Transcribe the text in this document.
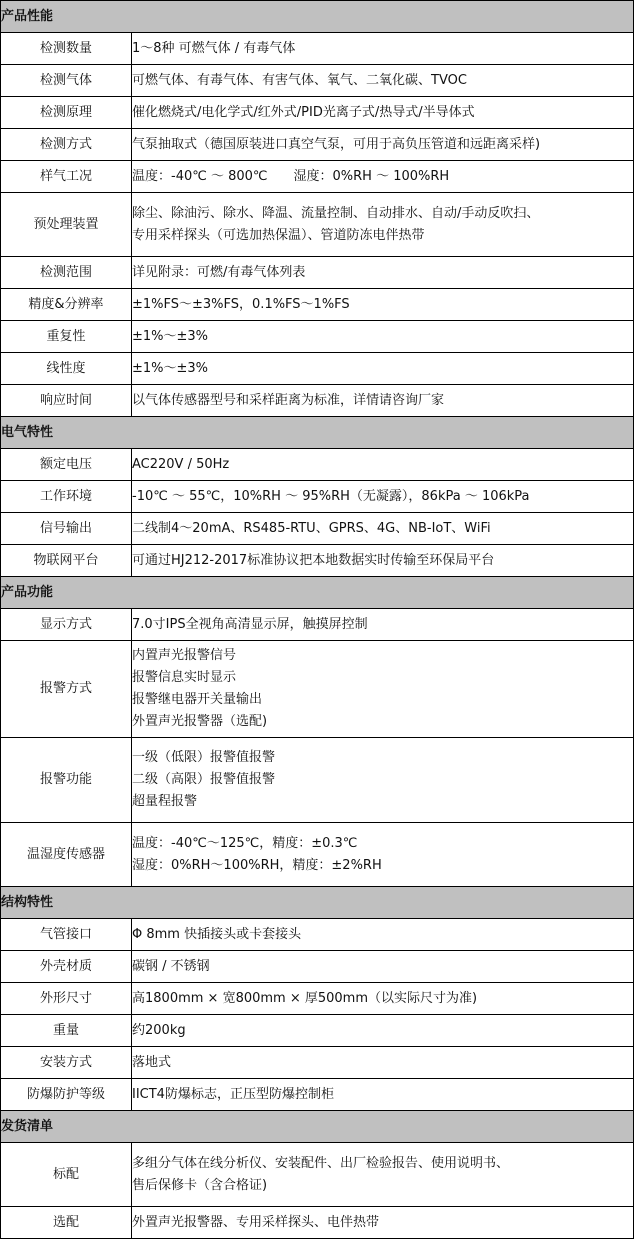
产品性能	
检测数量	1～8种 可燃气体 / 有毒气体

检测气体	可燃气体、有毒气体、有害气体、氧气、二氧化碳、TVOC

检测原理	催化燃烧式/电化学式/红外式/PID光离子式/热导式/半导体式

检测方式	气泵抽取式（德国原装进口真空气泵，可用于高负压管道和远距离采样)

样气工况	温度：-40℃ ～ 800℃　　湿度：0%RH ～ 100%RH

预处理装置	除尘、除油污、除水、降温、流量控制、自动排水、自动/手动反吹扫、
专用采样探头（可选加热保温）、管道防冻电伴热带

检测范围	详见附录：可燃/有毒气体列表

精度&分辨率	±1%FS～±3%FS，0.1%FS～1%FS

重复性	±1%～±3%

线性度	±1%～±3%

响应时间	以气体传感器型号和采样距离为标准，详情请咨询厂家

电气特性	
额定电压	AC220V / 50Hz

工作环境	-10℃ ～ 55℃，10%RH ～ 95%RH（无凝露），86kPa ～ 106kPa

信号输出	二线制4～20mA、RS485-RTU、GPRS、4G、NB-IoT、WiFi

物联网平台	可通过HJ212-2017标准协议把本地数据实时传输至环保局平台

产品功能	
显示方式	7.0寸IPS全视角高清显示屏，触摸屏控制

报警方式	内置声光报警信号
报警信息实时显示
报警继电器开关量输出
外置声光报警器（选配)

报警功能	一级（低限）报警值报警
二级（高限）报警值报警
超量程报警

温湿度传感器	温度：-40℃～125℃，精度：±0.3℃
湿度：0%RH～100%RH，精度：±2%RH

结构特性	
气管接口	Φ 8mm 快插接头或卡套接头

外壳材质	碳钢 / 不锈钢

外形尺寸	高1800mm × 宽800mm × 厚500mm（以实际尺寸为准)

重量	约200kg

安装方式	落地式

防爆防护等级	IICT4防爆标志，正压型防爆控制柜

发货清单	
标配	多组分气体在线分析仪、安装配件、出厂检验报告、使用说明书、
售后保修卡（含合格证)

选配	外置声光报警器、专用采样探头、电伴热带
